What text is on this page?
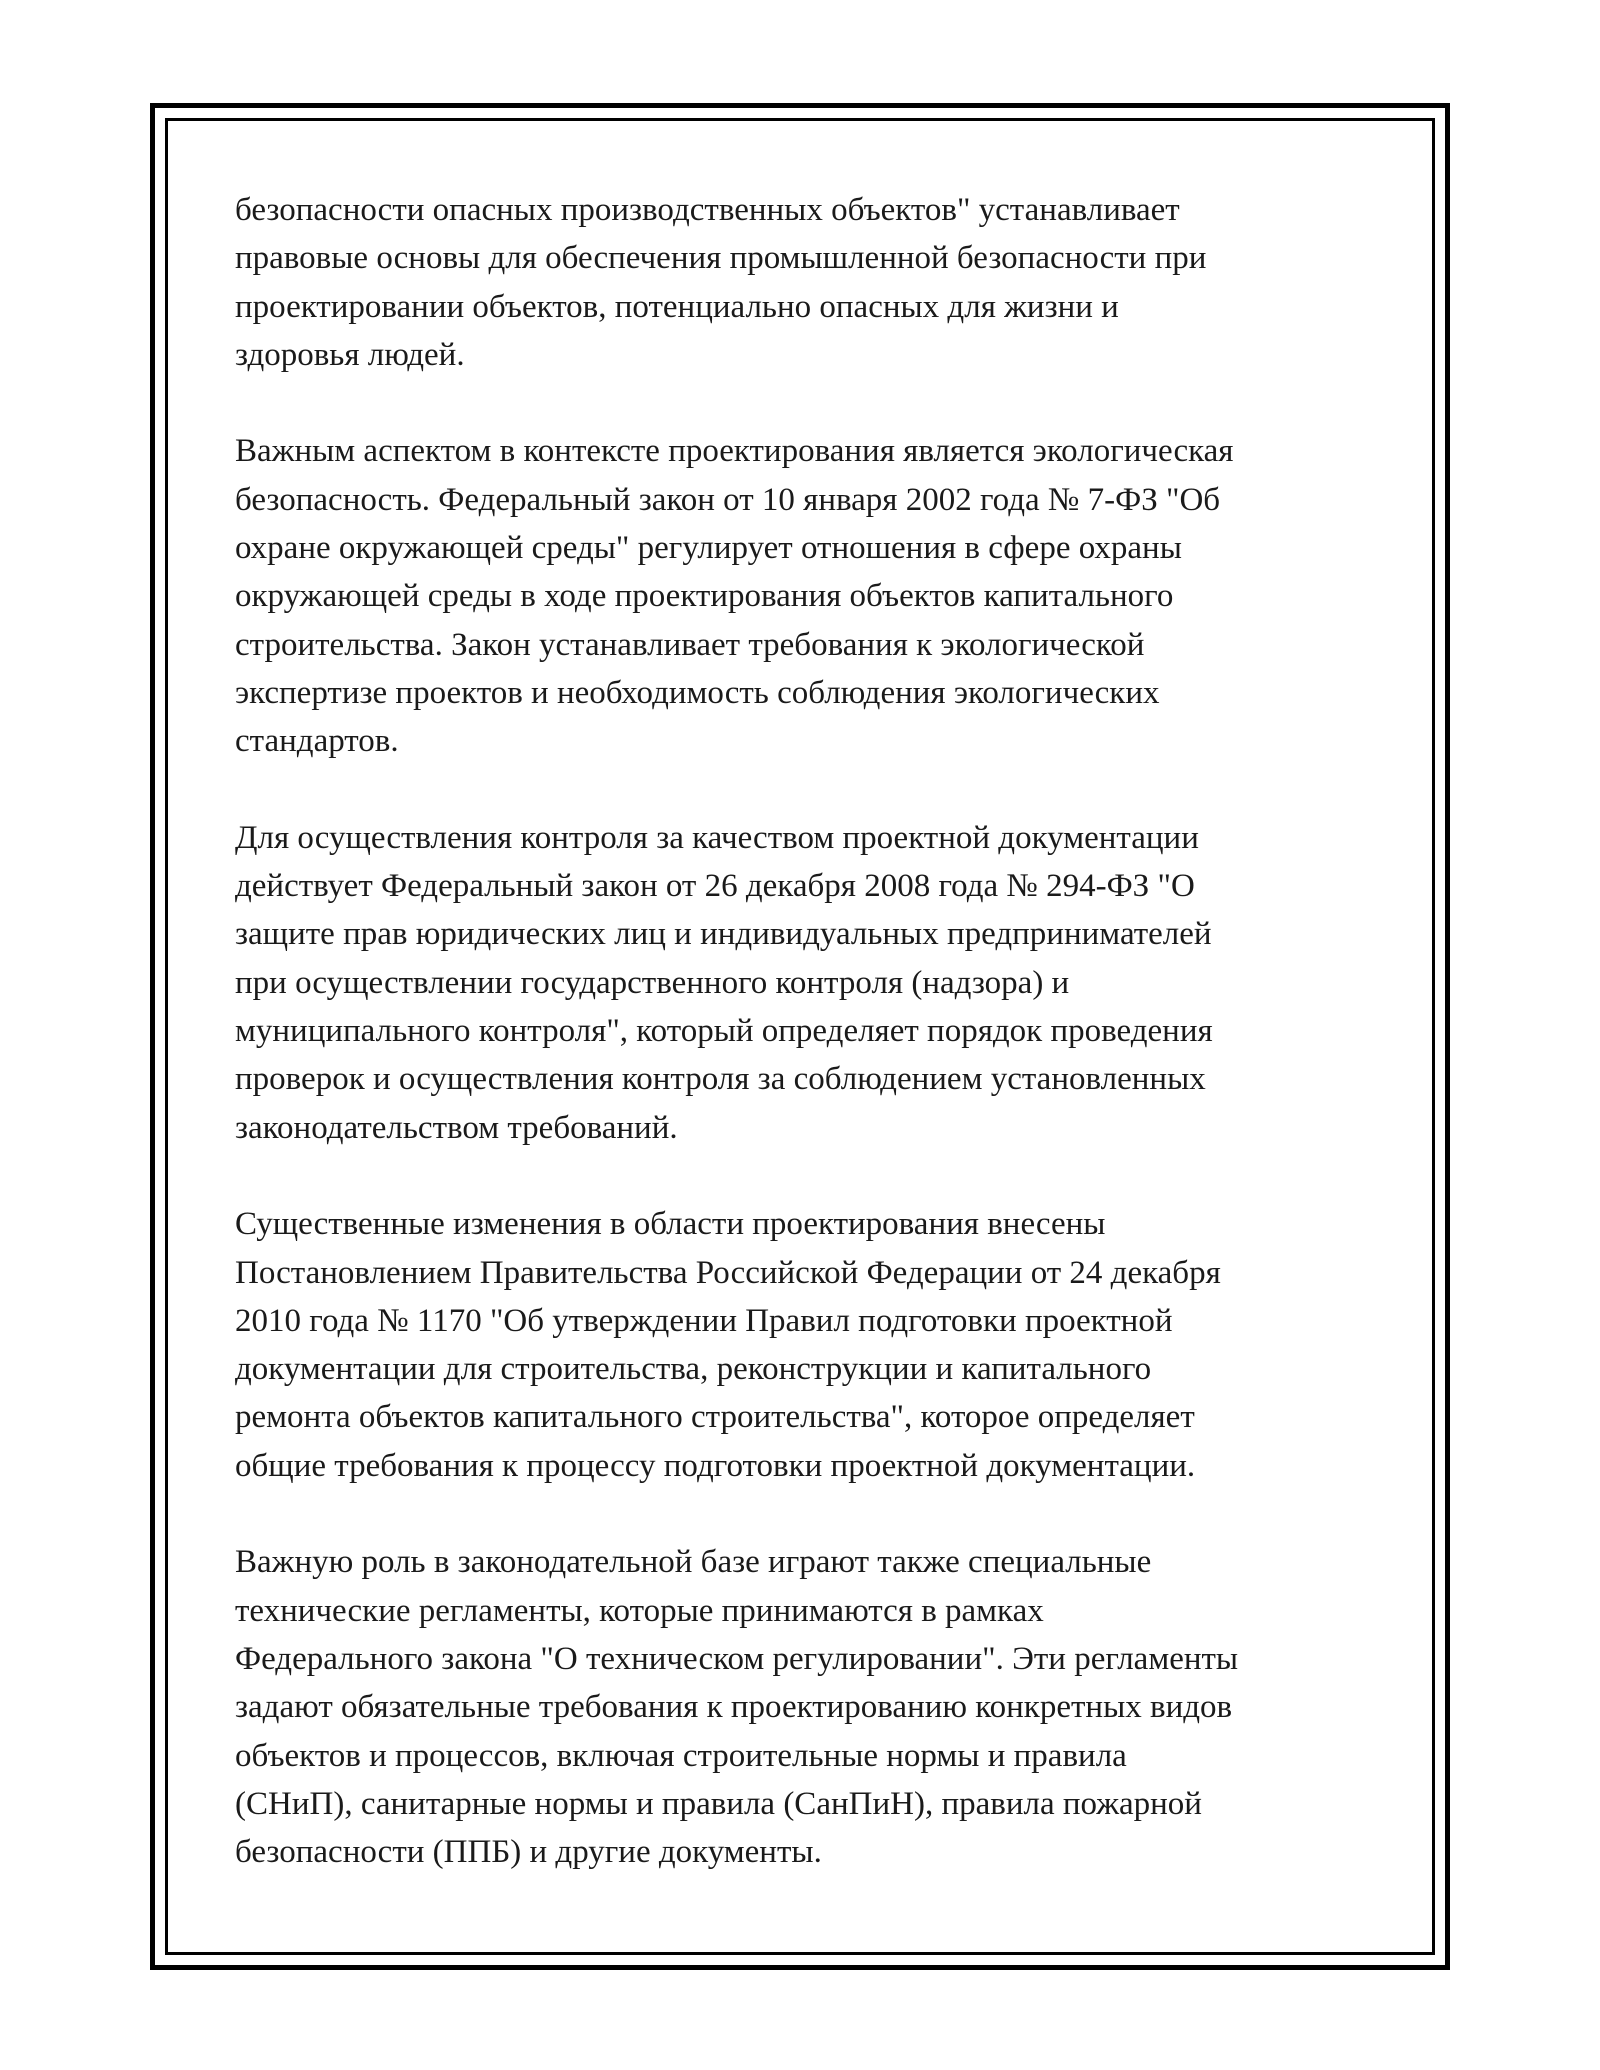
безопасности опасных производственных объектов" устанавливает
правовые основы для обеспечения промышленной безопасности при
проектировании объектов, потенциально опасных для жизни и
здоровья людей.

Важным аспектом в контексте проектирования является экологическая
безопасность. Федеральный закон от 10 января 2002 года № 7-ФЗ "Об
охране окружающей среды" регулирует отношения в сфере охраны
окружающей среды в ходе проектирования объектов капитального
строительства. Закон устанавливает требования к экологической
экспертизе проектов и необходимость соблюдения экологических
стандартов.

Для осуществления контроля за качеством проектной документации
действует Федеральный закон от 26 декабря 2008 года № 294-ФЗ "О
защите прав юридических лиц и индивидуальных предпринимателей
при осуществлении государственного контроля (надзора) и
муниципального контроля", который определяет порядок проведения
проверок и осуществления контроля за соблюдением установленных
законодательством требований.

Существенные изменения в области проектирования внесены
Постановлением Правительства Российской Федерации от 24 декабря
2010 года № 1170 "Об утверждении Правил подготовки проектной
документации для строительства, реконструкции и капитального
ремонта объектов капитального строительства", которое определяет
общие требования к процессу подготовки проектной документации.

Важную роль в законодательной базе играют также специальные
технические регламенты, которые принимаются в рамках
Федерального закона "О техническом регулировании". Эти регламенты
задают обязательные требования к проектированию конкретных видов
объектов и процессов, включая строительные нормы и правила
(СНиП), санитарные нормы и правила (СанПиН), правила пожарной
безопасности (ППБ) и другие документы.
